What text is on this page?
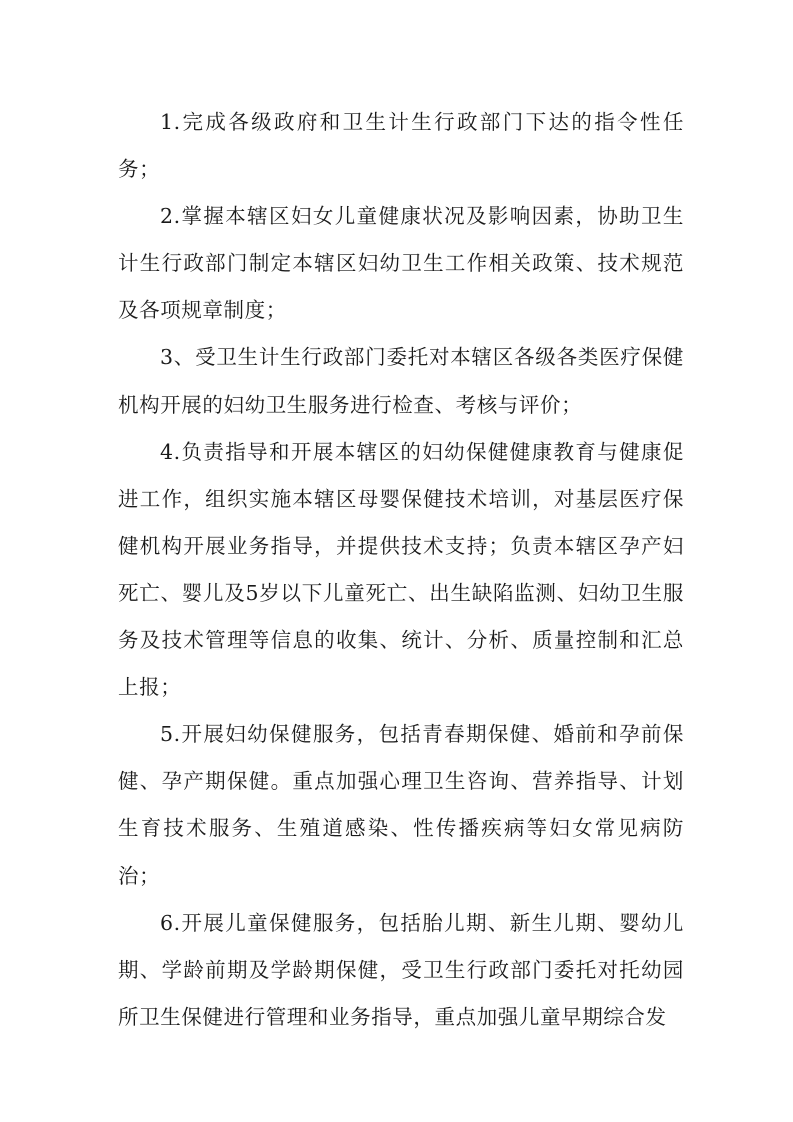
1.完成各级政府和卫生计生行政部门下达的指令性任务；

2.掌握本辖区妇女儿童健康状况及影响因素，协助卫生计生行政部门制定本辖区妇幼卫生工作相关政策、技术规范及各项规章制度；

3、受卫生计生行政部门委托对本辖区各级各类医疗保健机构开展的妇幼卫生服务进行检查、考核与评价；

4.负责指导和开展本辖区的妇幼保健健康教育与健康促进工作，组织实施本辖区母婴保健技术培训，对基层医疗保健机构开展业务指导，并提供技术支持；负责本辖区孕产妇死亡、婴儿及5岁以下儿童死亡、出生缺陷监测、妇幼卫生服务及技术管理等信息的收集、统计、分析、质量控制和汇总上报；

5.开展妇幼保健服务，包括青春期保健、婚前和孕前保健、孕产期保健。重点加强心理卫生咨询、营养指导、计划生育技术服务、生殖道感染、性传播疾病等妇女常见病防治；

6.开展儿童保健服务，包括胎儿期、新生儿期、婴幼儿期、学龄前期及学龄期保健，受卫生行政部门委托对托幼园所卫生保健进行管理和业务指导，重点加强儿童早期综合发
